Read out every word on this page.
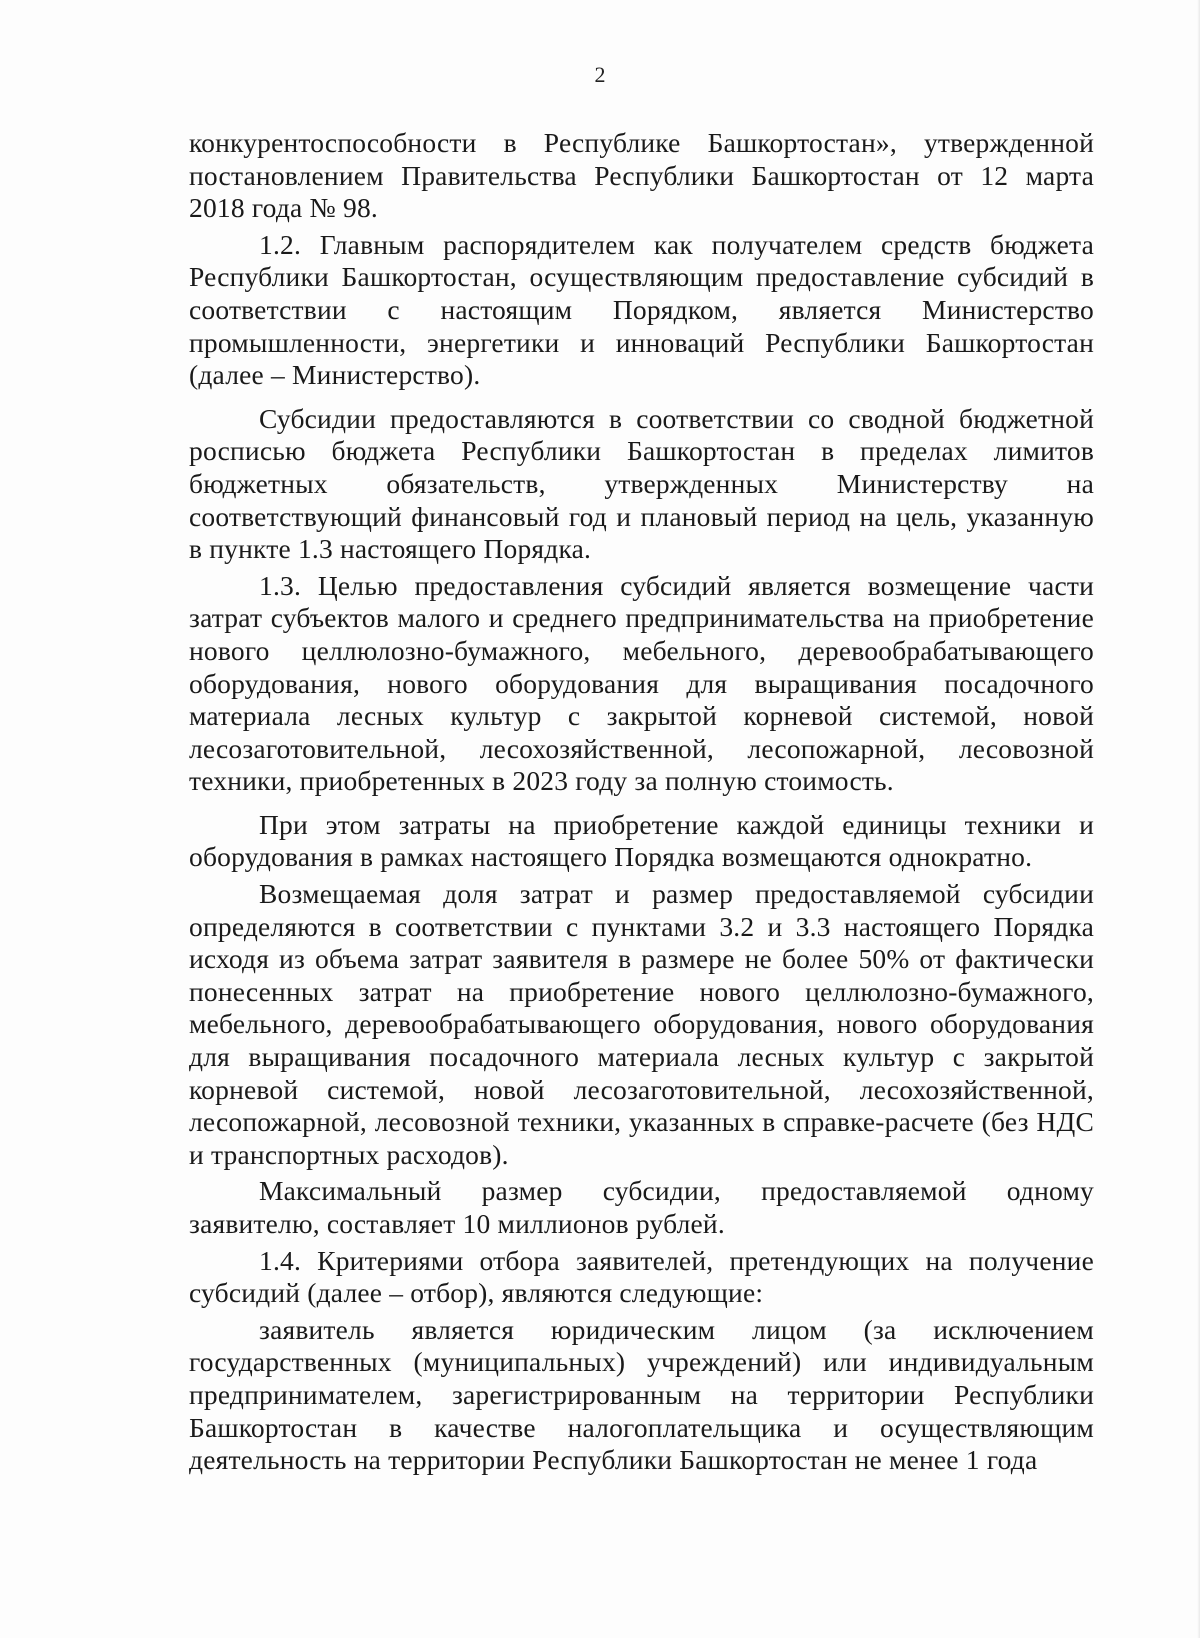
2

конкурентоспособности в Республике Башкортостан», утвержденной постановлением Правительства Республики Башкортостан от 12 марта 2018 года № 98.

1.2. Главным распорядителем как получателем средств бюджета Республики Башкортостан, осуществляющим предоставление субсидий в соответствии с настоящим Порядком, является Министерство промышленности, энергетики и инноваций Республики Башкортостан (далее – Министерство).

Субсидии предоставляются в соответствии со сводной бюджетной росписью бюджета Республики Башкортостан в пределах лимитов бюджетных обязательств, утвержденных Министерству на соответствующий финансовый год и плановый период на цель, указанную в пункте 1.3 настоящего Порядка.

1.3. Целью предоставления субсидий является возмещение части затрат субъектов малого и среднего предпринимательства на приобретение нового целлюлозно-бумажного, мебельного, деревообрабатывающего оборудования, нового оборудования для выращивания посадочного материала лесных культур с закрытой корневой системой, новой лесозаготовительной, лесохозяйственной, лесопожарной, лесовозной техники, приобретенных в 2023 году за полную стоимость.

При этом затраты на приобретение каждой единицы техники и оборудования в рамках настоящего Порядка возмещаются однократно.

Возмещаемая доля затрат и размер предоставляемой субсидии определяются в соответствии с пунктами 3.2 и 3.3 настоящего Порядка исходя из объема затрат заявителя в размере не более 50% от фактически понесенных затрат на приобретение нового целлюлозно-бумажного, мебельного, деревообрабатывающего оборудования, нового оборудования для выращивания посадочного материала лесных культур с закрытой корневой системой, новой лесозаготовительной, лесохозяйственной, лесопожарной, лесовозной техники, указанных в справке-расчете (без НДС и транспортных расходов).

Максимальный размер субсидии, предоставляемой одному заявителю, составляет 10 миллионов рублей.

1.4. Критериями отбора заявителей, претендующих на получение субсидий (далее – отбор), являются следующие:

заявитель является юридическим лицом (за исключением государственных (муниципальных) учреждений) или индивидуальным предпринимателем, зарегистрированным на территории Республики Башкортостан в качестве налогоплательщика и осуществляющим деятельность на территории Республики Башкортостан не менее 1 года
